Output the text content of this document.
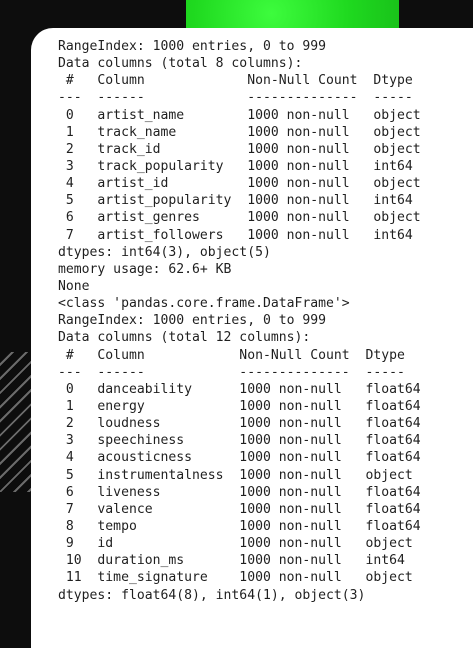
RangeIndex: 1000 entries, 0 to 999
Data columns (total 8 columns):
#   Column             Non-Null Count  Dtype
---  ------             --------------  -----
0   artist_name        1000 non-null   object
1   track_name         1000 non-null   object
2   track_id           1000 non-null   object
3   track_popularity   1000 non-null   int64
4   artist_id          1000 non-null   object
5   artist_popularity  1000 non-null   int64
6   artist_genres      1000 non-null   object
7   artist_followers   1000 non-null   int64
dtypes: int64(3), object(5)
memory usage: 62.6+ KB
None
<class 'pandas.core.frame.DataFrame'>
RangeIndex: 1000 entries, 0 to 999
Data columns (total 12 columns):
#   Column            Non-Null Count  Dtype
---  ------            --------------  -----
0   danceability      1000 non-null   float64
1   energy            1000 non-null   float64
2   loudness          1000 non-null   float64
3   speechiness       1000 non-null   float64
4   acousticness      1000 non-null   float64
5   instrumentalness  1000 non-null   object
6   liveness          1000 non-null   float64
7   valence           1000 non-null   float64
8   tempo             1000 non-null   float64
9   id                1000 non-null   object
10  duration_ms       1000 non-null   int64
11  time_signature    1000 non-null   object
dtypes: float64(8), int64(1), object(3)
